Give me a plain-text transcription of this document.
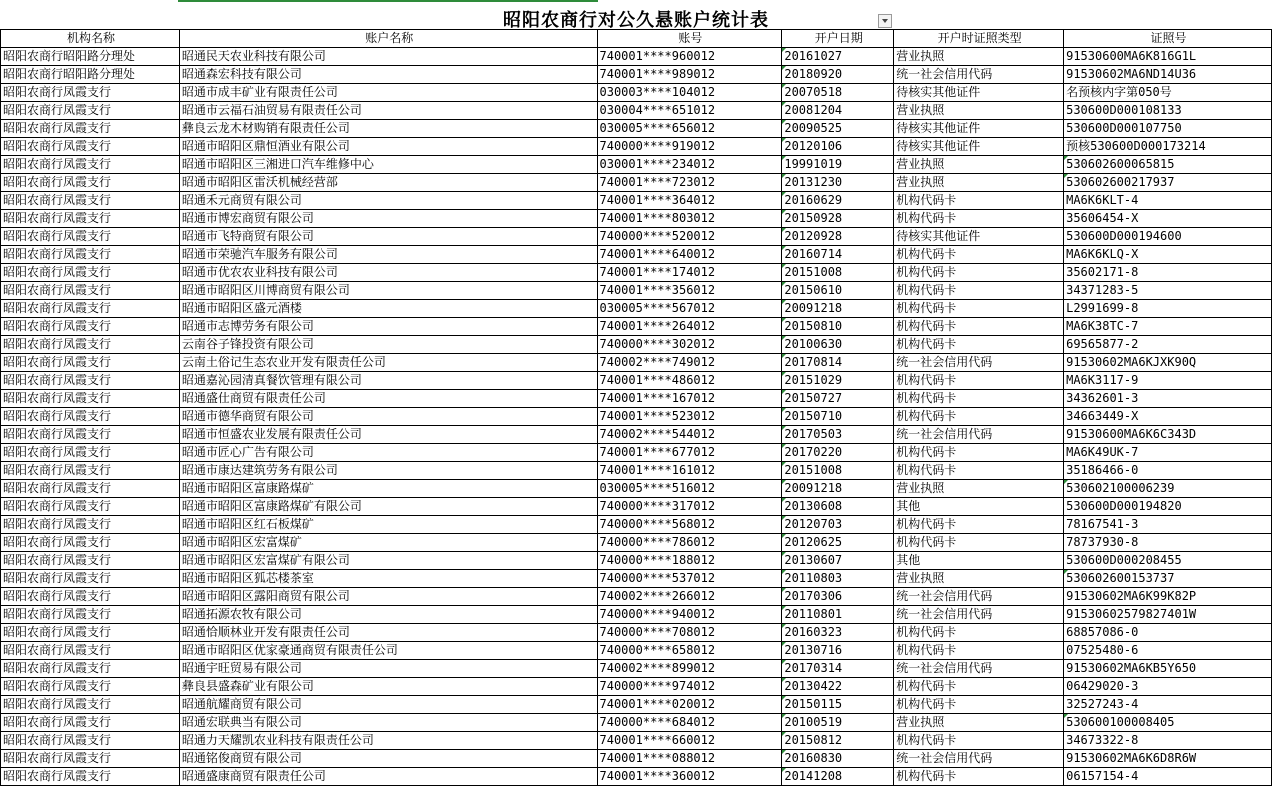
昭阳农商行对公久悬账户统计表
机构名称	账户名称	账号	开户日期	开户时证照类型	证照号
昭阳农商行昭阳路分理处	昭通民天农业科技有限公司	740001****960012	20161027	营业执照	91530600MA6K816G1L
昭阳农商行昭阳路分理处	昭通森宏科技有限公司	740001****989012	20180920	统一社会信用代码	91530602MA6ND14U36
昭阳农商行凤霞支行	昭通市成丰矿业有限责任公司	030003****104012	20070518	待核实其他证件	名预核内字第050号
昭阳农商行凤霞支行	昭通市云福石油贸易有限责任公司	030004****651012	20081204	营业执照	530600D000108133
昭阳农商行凤霞支行	彝良云龙木材购销有限责任公司	030005****656012	20090525	待核实其他证件	530600D000107750
昭阳农商行凤霞支行	昭通市昭阳区鼎恒酒业有限公司	740000****919012	20120106	待核实其他证件	预核530600D000173214
昭阳农商行凤霞支行	昭通市昭阳区三湘进口汽车维修中心	030001****234012	19991019	营业执照	530602600065815
昭阳农商行凤霞支行	昭通市昭阳区雷沃机械经营部	740001****723012	20131230	营业执照	530602600217937
昭阳农商行凤霞支行	昭通禾元商贸有限公司	740001****364012	20160629	机构代码卡	MA6K6KLT-4
昭阳农商行凤霞支行	昭通市博宏商贸有限公司	740001****803012	20150928	机构代码卡	35606454-X
昭阳农商行凤霞支行	昭通市飞特商贸有限公司	740000****520012	20120928	待核实其他证件	530600D000194600
昭阳农商行凤霞支行	昭通市荣驰汽车服务有限公司	740001****640012	20160714	机构代码卡	MA6K6KLQ-X
昭阳农商行凤霞支行	昭通市优农农业科技有限公司	740001****174012	20151008	机构代码卡	35602171-8
昭阳农商行凤霞支行	昭通市昭阳区川博商贸有限公司	740001****356012	20150610	机构代码卡	34371283-5
昭阳农商行凤霞支行	昭通市昭阳区盛元酒楼	030005****567012	20091218	机构代码卡	L2991699-8
昭阳农商行凤霞支行	昭通市志博劳务有限公司	740001****264012	20150810	机构代码卡	MA6K38TC-7
昭阳农商行凤霞支行	云南谷子锋投资有限公司	740000****302012	20100630	机构代码卡	69565877-2
昭阳农商行凤霞支行	云南土俗记生态农业开发有限责任公司	740002****749012	20170814	统一社会信用代码	91530602MA6KJXK90Q
昭阳农商行凤霞支行	昭通嘉沁园清真餐饮管理有限公司	740001****486012	20151029	机构代码卡	MA6K3117-9
昭阳农商行凤霞支行	昭通盛仕商贸有限责任公司	740001****167012	20150727	机构代码卡	34362601-3
昭阳农商行凤霞支行	昭通市德华商贸有限公司	740001****523012	20150710	机构代码卡	34663449-X
昭阳农商行凤霞支行	昭通市恒盛农业发展有限责任公司	740002****544012	20170503	统一社会信用代码	91530600MA6K6C343D
昭阳农商行凤霞支行	昭通市匠心广告有限公司	740001****677012	20170220	机构代码卡	MA6K49UK-7
昭阳农商行凤霞支行	昭通市康达建筑劳务有限公司	740001****161012	20151008	机构代码卡	35186466-0
昭阳农商行凤霞支行	昭通市昭阳区富康路煤矿	030005****516012	20091218	营业执照	530602100006239
昭阳农商行凤霞支行	昭通市昭阳区富康路煤矿有限公司	740000****317012	20130608	其他	530600D000194820
昭阳农商行凤霞支行	昭通市昭阳区红石板煤矿	740000****568012	20120703	机构代码卡	78167541-3
昭阳农商行凤霞支行	昭通市昭阳区宏富煤矿	740000****786012	20120625	机构代码卡	78737930-8
昭阳农商行凤霞支行	昭通市昭阳区宏富煤矿有限公司	740000****188012	20130607	其他	530600D000208455
昭阳农商行凤霞支行	昭通市昭阳区狐芯楼茶室	740000****537012	20110803	营业执照	530602600153737
昭阳农商行凤霞支行	昭通市昭阳区露阳商贸有限公司	740002****266012	20170306	统一社会信用代码	91530602MA6K99K82P
昭阳农商行凤霞支行	昭通拓源农牧有限公司	740000****940012	20110801	统一社会信用代码	91530602579827401W
昭阳农商行凤霞支行	昭通恰顺林业开发有限责任公司	740000****708012	20160323	机构代码卡	68857086-0
昭阳农商行凤霞支行	昭通市昭阳区优家豪通商贸有限责任公司	740000****658012	20130716	机构代码卡	07525480-6
昭阳农商行凤霞支行	昭通宇旺贸易有限公司	740002****899012	20170314	统一社会信用代码	91530602MA6KB5Y650
昭阳农商行凤霞支行	彝良县盛森矿业有限公司	740000****974012	20130422	机构代码卡	06429020-3
昭阳农商行凤霞支行	昭通航耀商贸有限公司	740001****020012	20150115	机构代码卡	32527243-4
昭阳农商行凤霞支行	昭通宏联典当有限公司	740000****684012	20100519	营业执照	530600100008405
昭阳农商行凤霞支行	昭通力天耀凯农业科技有限责任公司	740001****660012	20150812	机构代码卡	34673322-8
昭阳农商行凤霞支行	昭通铭俊商贸有限公司	740001****088012	20160830	统一社会信用代码	91530602MA6K6D8R6W
昭阳农商行凤霞支行	昭通盛康商贸有限责任公司	740001****360012	20141208	机构代码卡	06157154-4
